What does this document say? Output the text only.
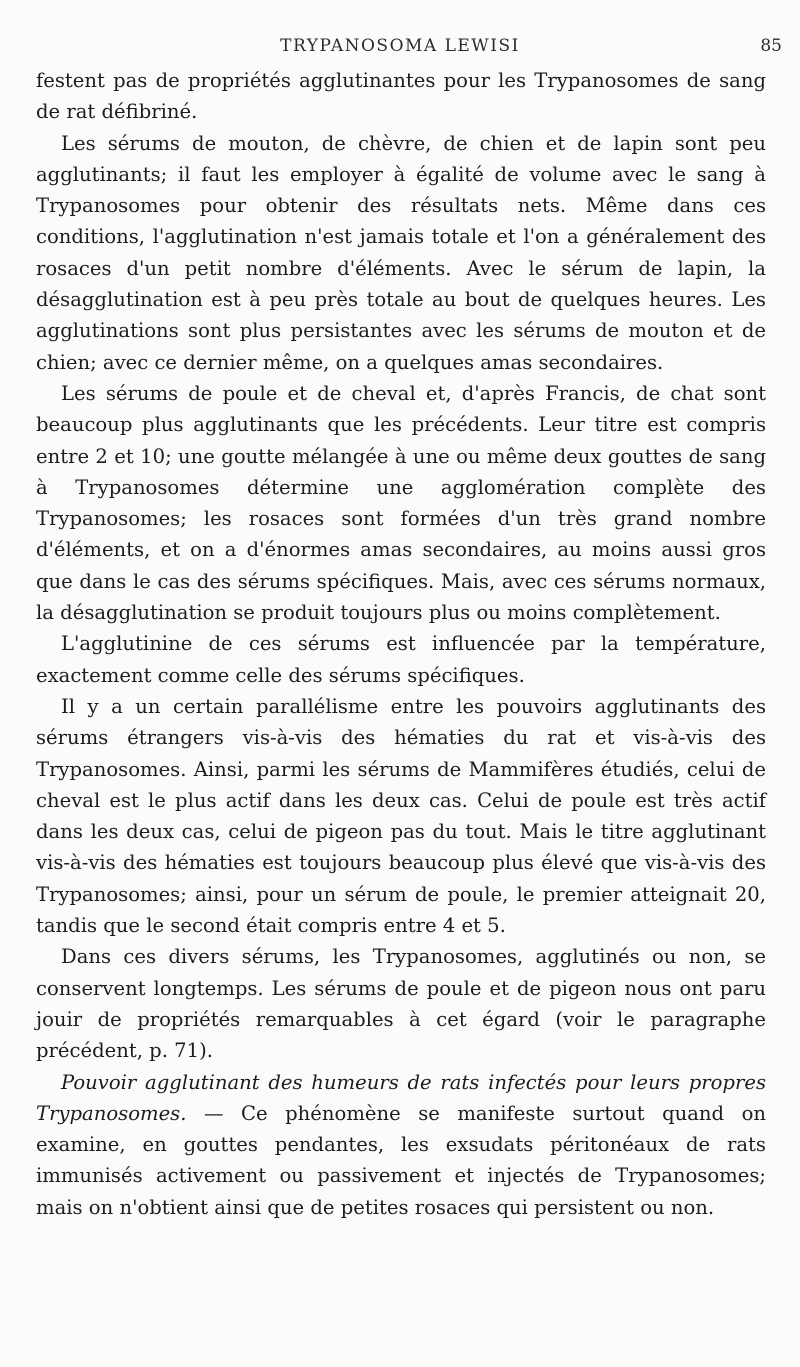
TRYPANOSOMA LEWISI	85

festent pas de propriétés agglutinantes pour les Trypanosomes de sang de rat défibriné.

Les sérums de mouton, de chèvre, de chien et de lapin sont peu agglutinants; il faut les employer à égalité de volume avec le sang à Trypanosomes pour obtenir des résultats nets. Même dans ces conditions, l'agglutination n'est jamais totale et l'on a généralement des rosaces d'un petit nombre d'éléments. Avec le sérum de lapin, la désagglutination est à peu près totale au bout de quelques heures. Les agglutinations sont plus persistantes avec les sérums de mouton et de chien; avec ce dernier même, on a quelques amas secondaires.

Les sérums de poule et de cheval et, d'après Francis, de chat sont beaucoup plus agglutinants que les précédents. Leur titre est compris entre 2 et 10; une goutte mélangée à une ou même deux gouttes de sang à Trypanosomes détermine une agglomération complète des Trypanosomes; les rosaces sont formées d'un très grand nombre d'éléments, et on a d'énormes amas secondaires, au moins aussi gros que dans le cas des sérums spécifiques. Mais, avec ces sérums normaux, la désagglutination se produit toujours plus ou moins complètement.

L'agglutinine de ces sérums est influencée par la température, exactement comme celle des sérums spécifiques.

Il y a un certain parallélisme entre les pouvoirs agglutinants des sérums étrangers vis-à-vis des hématies du rat et vis-à-vis des Trypanosomes. Ainsi, parmi les sérums de Mammifères étudiés, celui de cheval est le plus actif dans les deux cas. Celui de poule est très actif dans les deux cas, celui de pigeon pas du tout. Mais le titre agglutinant vis-à-vis des hématies est toujours beaucoup plus élevé que vis-à-vis des Trypanosomes; ainsi, pour un sérum de poule, le premier atteignait 20, tandis que le second était compris entre 4 et 5.

Dans ces divers sérums, les Trypanosomes, agglutinés ou non, se conservent longtemps. Les sérums de poule et de pigeon nous ont paru jouir de propriétés remarquables à cet égard (voir le paragraphe précédent, p. 71).

Pouvoir agglutinant des humeurs de rats infectés pour leurs propres Trypanosomes. — Ce phénomène se manifeste surtout quand on examine, en gouttes pendantes, les exsudats péritonéaux de rats immunisés activement ou passivement et injectés de Trypanosomes; mais on n'obtient ainsi que de petites rosaces qui persistent ou non.
